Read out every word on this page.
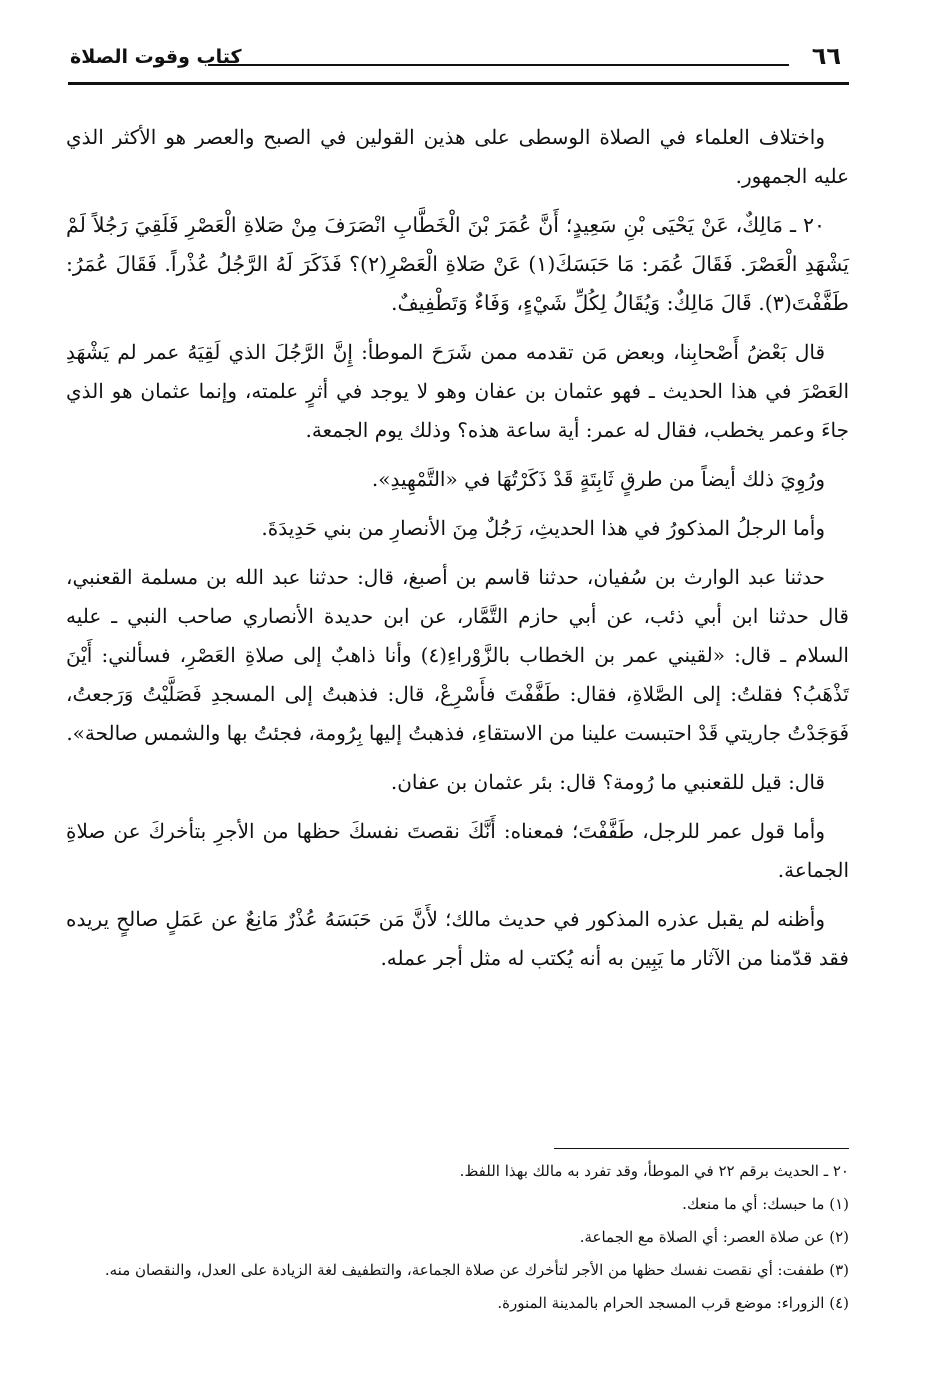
٦٦
كتاب وقوت الصلاة

واختلاف العلماء في الصلاة الوسطى على هذين القولين في الصبح والعصر هو الأكثر الذي عليه الجمهور.

٢٠ ـ مَالِكٌ، عَنْ يَحْيَى بْنِ سَعِيدٍ؛ أَنَّ عُمَرَ بْنَ الْخَطَّابِ انْصَرَفَ مِنْ صَلاةِ الْعَصْرِ فَلَقِيَ رَجُلاً لَمْ يَشْهَدِ الْعَصْرَ. فَقَالَ عُمَر: مَا حَبَسَكَ(١) عَنْ صَلاةِ الْعَصْرِ(٢)؟ فَذَكَرَ لَهُ الرَّجُلُ عُذْراً. فَقَالَ عُمَرُ: طَفَّفْتَ(٣). قَالَ مَالِكٌ: وَيُقَالُ لِكُلِّ شَيْءٍ، وَفَاءٌ وَتَطْفِيفٌ.

قال بَعْضُ أَصْحابِنا، وبعض مَن تقدمه ممن شَرَحَ الموطأ: إِنَّ الرَّجُلَ الذي لَقِيَهُ عمر لم يَشْهَدِ العَصْرَ في هذا الحديث ـ فهو عثمان بن عفان وهو لا يوجد في أثرٍ علمته، وإنما عثمان هو الذي جاءَ وعمر يخطب، فقال له عمر: أية ساعة هذه؟ وذلك يوم الجمعة.

ورُوِيَ ذلك أيضاً من طرقٍ ثَابِتَةٍ قَدْ ذَكَرْتُهَا في «التَّمْهِيدِ».

وأما الرجلُ المذكورُ في هذا الحديثِ، رَجُلٌ مِنَ الأنصارِ من بني حَدِيدَةَ.

حدثنا عبد الوارث بن سُفيان، حدثنا قاسم بن أصبغ، قال: حدثنا عبد الله بن مسلمة القعنبي، قال حدثنا ابن أبي ذئب، عن أبي حازم التَّمَّار، عن ابن حديدة الأنصاري صاحب النبي ـ عليه السلام ـ قال: «لقيني عمر بن الخطاب بالزَّوْراءِ(٤) وأنا ذاهبٌ إلى صلاةِ العَصْرِ، فسألني: أَيْنَ تَذْهَبُ؟ فقلتُ: إلى الصَّلاةِ، فقال: طَفَّفْتَ فأَسْرِعْ، قال: فذهبتُ إلى المسجدِ فَصَلَّيْتُ وَرَجعتُ، فَوَجَدْتُ جاريتي قَدْ احتبست علينا من الاستقاءِ، فذهبتُ إليها بِرُومة، فجئتُ بها والشمس صالحة».

قال: قيل للقعنبي ما رُومة؟ قال: بئر عثمان بن عفان.

وأما قول عمر للرجل، طَفَّفْتَ؛ فمعناه: أَنَّكَ نقصتَ نفسكَ حظها من الأجرِ بتأخركَ عن صلاةِ الجماعة.

وأظنه لم يقبل عذره المذكور في حديث مالك؛ لأَنَّ مَن حَبَسَهُ عُذْرٌ مَانِعٌ عن عَمَلٍ صالحٍ يريده فقد قدّمنا من الآثار ما يَبِين به أنه يُكتب له مثل أجر عمله.

٢٠ ـ الحديث برقم ٢٢ في الموطأ، وقد تفرد به مالك بهذا اللفظ.

(١) ما حبسك: أي ما منعك.

(٢) عن صلاة العصر: أي الصلاة مع الجماعة.

(٣) طففت: أي نقصت نفسك حظها من الأجر لتأخرك عن صلاة الجماعة، والتطفيف لغة الزيادة على العدل، والنقصان منه.

(٤) الزوراء: موضع قرب المسجد الحرام بالمدينة المنورة.
